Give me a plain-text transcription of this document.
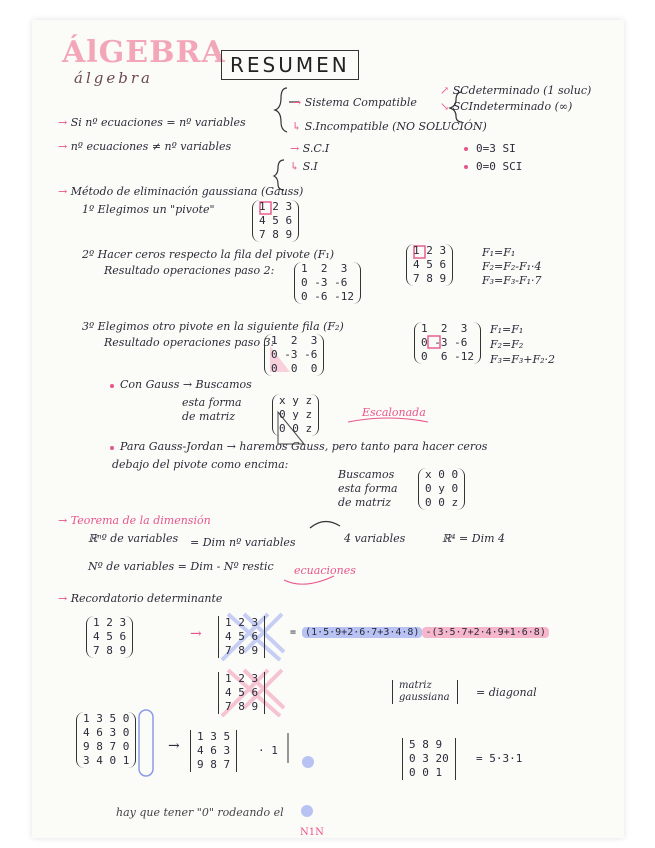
ÁlGEBRA
álgebra
RESUMEN
↗ SCdeterminado (1 soluc)
↘ SCIndeterminado (∞)
→ Sistema Compatible
→ Si nº ecuaciones = nº variables	↳ S.Incompatible (NO SOLUCIÓN)
→ nº ecuaciones ≠ nº variables	→ S.C.I
↳ S.I
0=3 SI
0=0 SCI
→ Método de eliminación gaussiana (Gauss)
1º Elegimos un "pivote"	1 2 3
4 5 6
7 8 9
2º Hacer ceros respecto la fila del pivote (F₁)
Resultado operaciones paso 2: 1  2  3
0 -3 -6
0 -6 -12
1 2 3
4 5 6
7 8 9
F₁=F₁
F₂=F₂-F₁·4
F₃=F₃-F₁·7
3º Elegimos otro pivote en la siguiente fila (F₂)
Resultado operaciones paso 3:
1  2  3
0 -3 -6
0  0  0
1  2  3
0 -3 -6
0  6 -12
F₁=F₁
F₂=F₂
F₃=F₃+F₂·2
Con Gauss → Buscamos
esta forma
de matriz
x y z
0 y z
0 0 z
Escalonada
Para Gauss-Jordan → haremos Gauss, pero tanto para hacer ceros
debajo del pivote como encima:
Buscamos
esta forma
de matriz
x 0 0
0 y 0
0 0 z
→ Teorema de la dimensión
ℝⁿº de variables = Dim nº variables	4 variables	ℝ⁴ = Dim 4
Nº de variables = Dim - Nº restic ecuaciones
→ Recordatorio determinante
1 2 3
4 5 6
7 8 9
→
1 2 3
4 5 6
7 8 9
= (1·5·9+2·6·7+3·4·8) -(3·5·7+2·4·9+1·6·8)
1 2 3
4 5 6
7 8 9
matriz gaussiana = diagonal
1 3 5 0
4 6 3 0
9 8 7 0
3 4 0 1
→
1 3 5
4 6 3
9 8 7
· 1	5 8 9
0 3 20
0 0 1
= 5·3·1
hay que tener "0" rodeando el
N1N
